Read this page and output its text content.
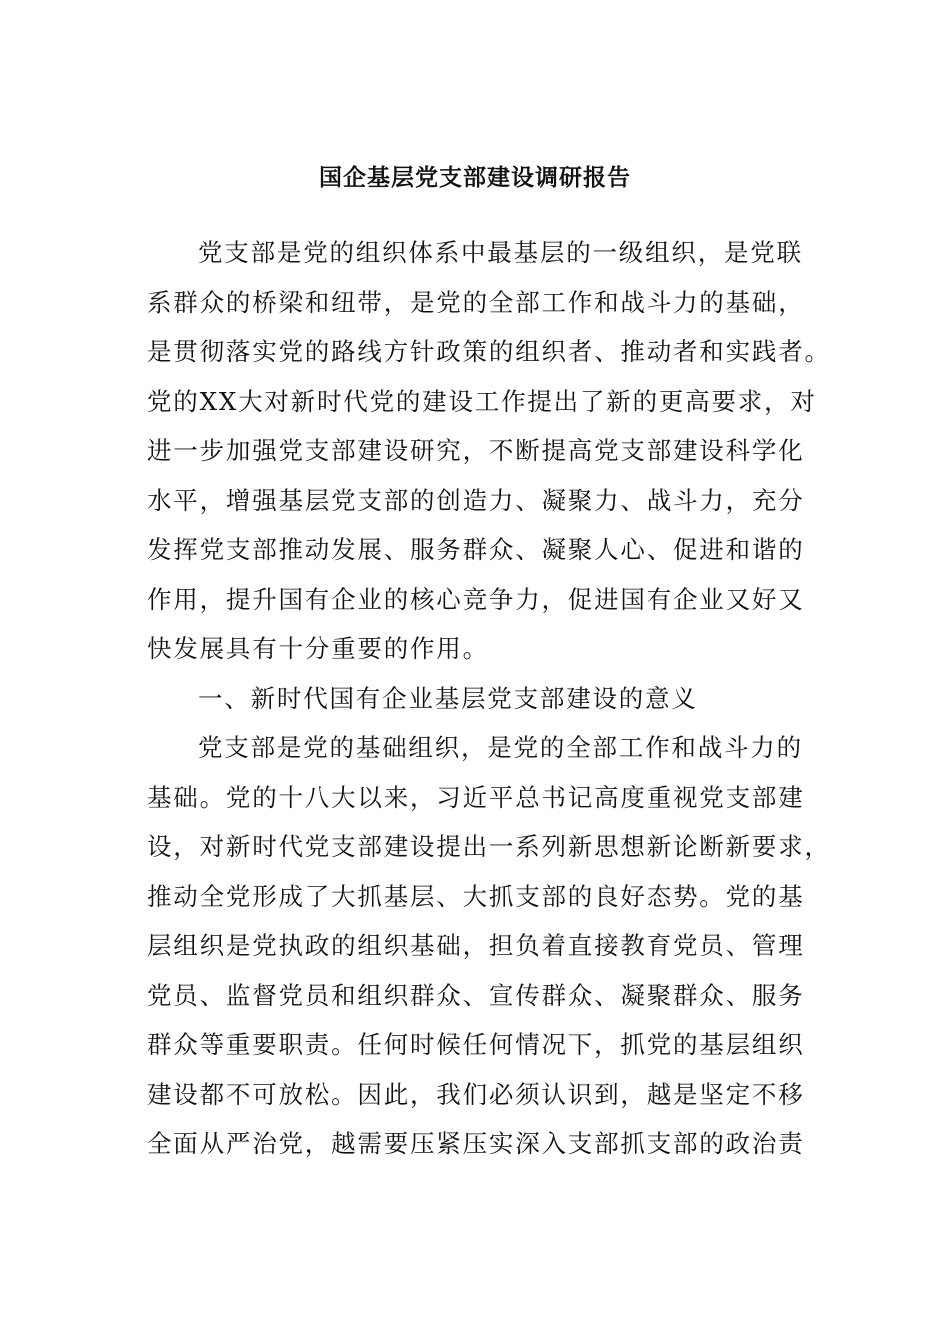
国企基层党支部建设调研报告
党支部是党的组织体系中最基层的一级组织，是党联
系群众的桥梁和纽带，是党的全部工作和战斗力的基础，
是贯彻落实党的路线方针政策的组织者、推动者和实践者。
党的XX大对新时代党的建设工作提出了新的更高要求，对
进一步加强党支部建设研究，不断提高党支部建设科学化
水平，增强基层党支部的创造力、凝聚力、战斗力，充分
发挥党支部推动发展、服务群众、凝聚人心、促进和谐的
作用，提升国有企业的核心竞争力，促进国有企业又好又
快发展具有十分重要的作用。
一、新时代国有企业基层党支部建设的意义
党支部是党的基础组织，是党的全部工作和战斗力的
基础。党的十八大以来，习近平总书记高度重视党支部建
设，对新时代党支部建设提出一系列新思想新论断新要求，
推动全党形成了大抓基层、大抓支部的良好态势。党的基
层组织是党执政的组织基础，担负着直接教育党员、管理
党员、监督党员和组织群众、宣传群众、凝聚群众、服务
群众等重要职责。任何时候任何情况下，抓党的基层组织
建设都不可放松。因此，我们必须认识到，越是坚定不移
全面从严治党，越需要压紧压实深入支部抓支部的政治责
